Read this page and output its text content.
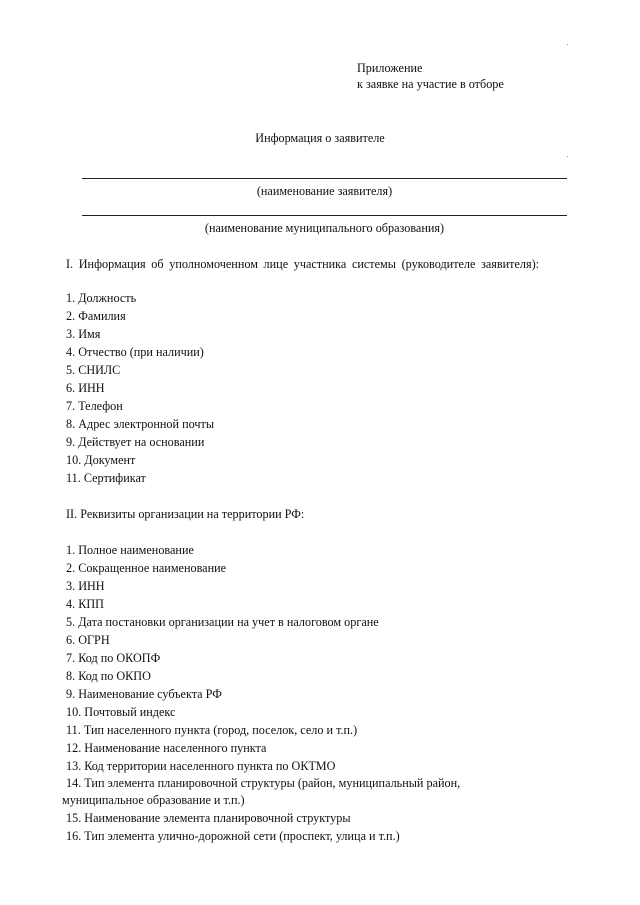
Приложение
к заявке на участие в отборе
Информация о заявителе
(наименование заявителя)
(наименование муниципального образования)
I. Информация об уполномоченном лице участника системы (руководителе заявителя):
1. Должность
2. Фамилия
3. Имя
4. Отчество (при наличии)
5. СНИЛС
6. ИНН
7. Телефон
8. Адрес электронной почты
9. Действует на основании
10. Документ
11. Сертификат
II. Реквизиты организации на территории РФ:
1. Полное наименование
2. Сокращенное наименование
3. ИНН
4. КПП
5. Дата постановки организации на учет в налоговом органе
6. ОГРН
7. Код по ОКОПФ
8. Код по ОКПО
9. Наименование субъекта РФ
10. Почтовый индекс
11. Тип населенного пункта (город, поселок, село и т.п.)
12. Наименование населенного пункта
13. Код территории населенного пункта по ОКТМО
14. Тип элемента планировочной структуры (район, муниципальный район,
муниципальное образование и т.п.)
15. Наименование элемента планировочной структуры
16. Тип элемента улично-дорожной сети (проспект, улица и т.п.)
